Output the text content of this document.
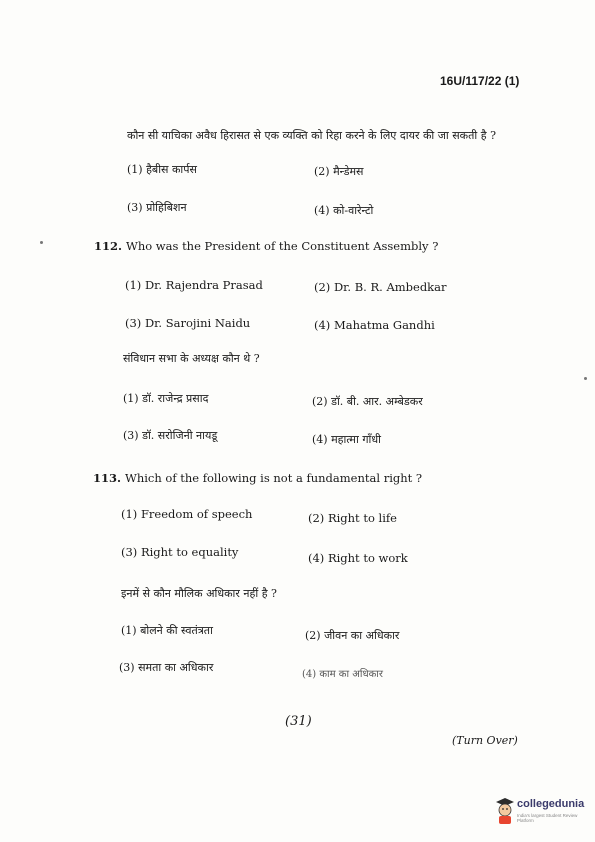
16U/117/22 (1)
कौन सी याचिका अवैध हिरासत से एक व्यक्ति को रिहा करने के लिए दायर की जा सकती है ?
(1) हैबीस कार्पस	(2) मैन्डेमस
(3) प्रोहिबिशन	(4) को-वारेन्टो
112. Who was the President of the Constituent Assembly ?
(1) Dr. Rajendra Prasad	(2) Dr. B. R. Ambedkar
(3) Dr. Sarojini Naidu	(4) Mahatma Gandhi
संविधान सभा के अध्यक्ष कौन थे ?
(1) डॉ. राजेन्द्र प्रसाद	(2) डॉ. बी. आर. अम्बेडकर
(3) डॉ. सरोजिनी नायडू	(4) महात्मा गाँधी
113. Which of the following is not a fundamental right ?
(1) Freedom of speech	(2) Right to life
(3) Right to equality	(4) Right to work
इनमें से कौन मौलिक अधिकार नहीं है ?
(1) बोलने की स्वतंत्रता	(2) जीवन का अधिकार
(3) समता का अधिकार
(4) काम का अधिकार
(31)
(Turn Over)
collegedunia
India's largest Student Review Platform
